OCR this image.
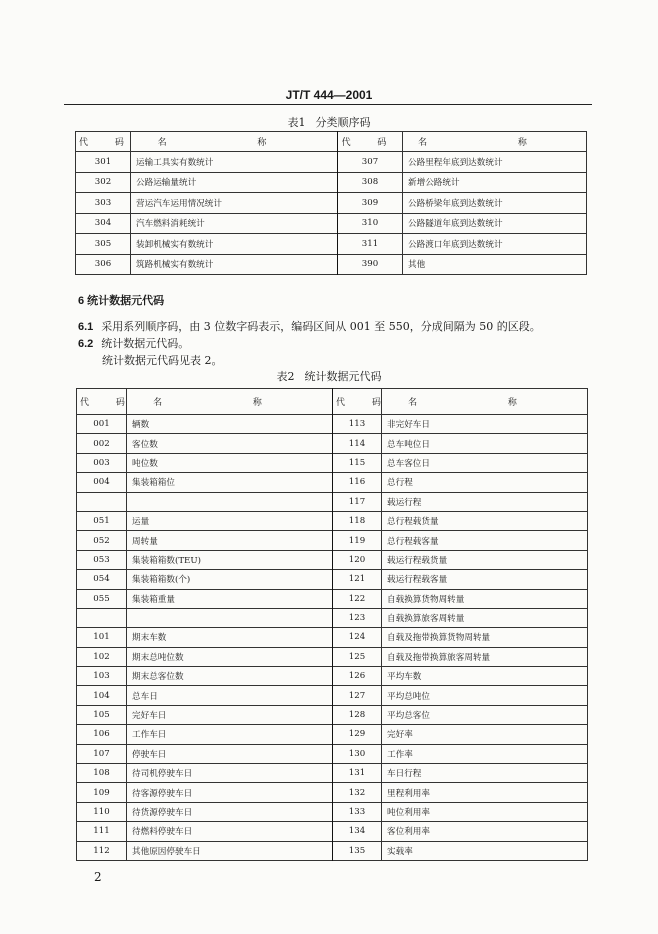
JT/T 444—2001
表1 分类顺序码
代 码	名 称	代 码	名 称
301	运输工具实有数统计	307	公路里程年底到达数统计
302	公路运输量统计	308	新增公路统计
303	营运汽车运用情况统计	309	公路桥梁年底到达数统计
304	汽车燃料消耗统计	310	公路隧道年底到达数统计
305	装卸机械实有数统计	311	公路渡口年底到达数统计
306	筑路机械实有数统计	390	其他
6 统计数据元代码
6.1 采用系列顺序码，由 3 位数字码表示，编码区间从 001 至 550，分成间隔为 50 的区段。
6.2 统计数据元代码。
统计数据元代码见表 2。
表2 统计数据元代码
代 码	名 称	代 码	名 称
001	辆数	113	非完好车日
002	客位数	114	总车吨位日
003	吨位数	115	总车客位日
004	集装箱箱位	116	总行程
		117	载运行程
051	运量	118	总行程载货量
052	周转量	119	总行程载客量
053	集装箱箱数(TEU)	120	载运行程载货量
054	集装箱箱数(个)	121	载运行程载客量
055	集装箱重量	122	自载换算货物周转量
		123	自载换算旅客周转量
101	期末车数	124	自载及拖带换算货物周转量
102	期末总吨位数	125	自载及拖带换算旅客周转量
103	期末总客位数	126	平均车数
104	总车日	127	平均总吨位
105	完好车日	128	平均总客位
106	工作车日	129	完好率
107	停驶车日	130	工作率
108	待司机停驶车日	131	车日行程
109	待客源停驶车日	132	里程利用率
110	待货源停驶车日	133	吨位利用率
111	待燃料停驶车日	134	客位利用率
112	其他原因停驶车日	135	实载率
2
